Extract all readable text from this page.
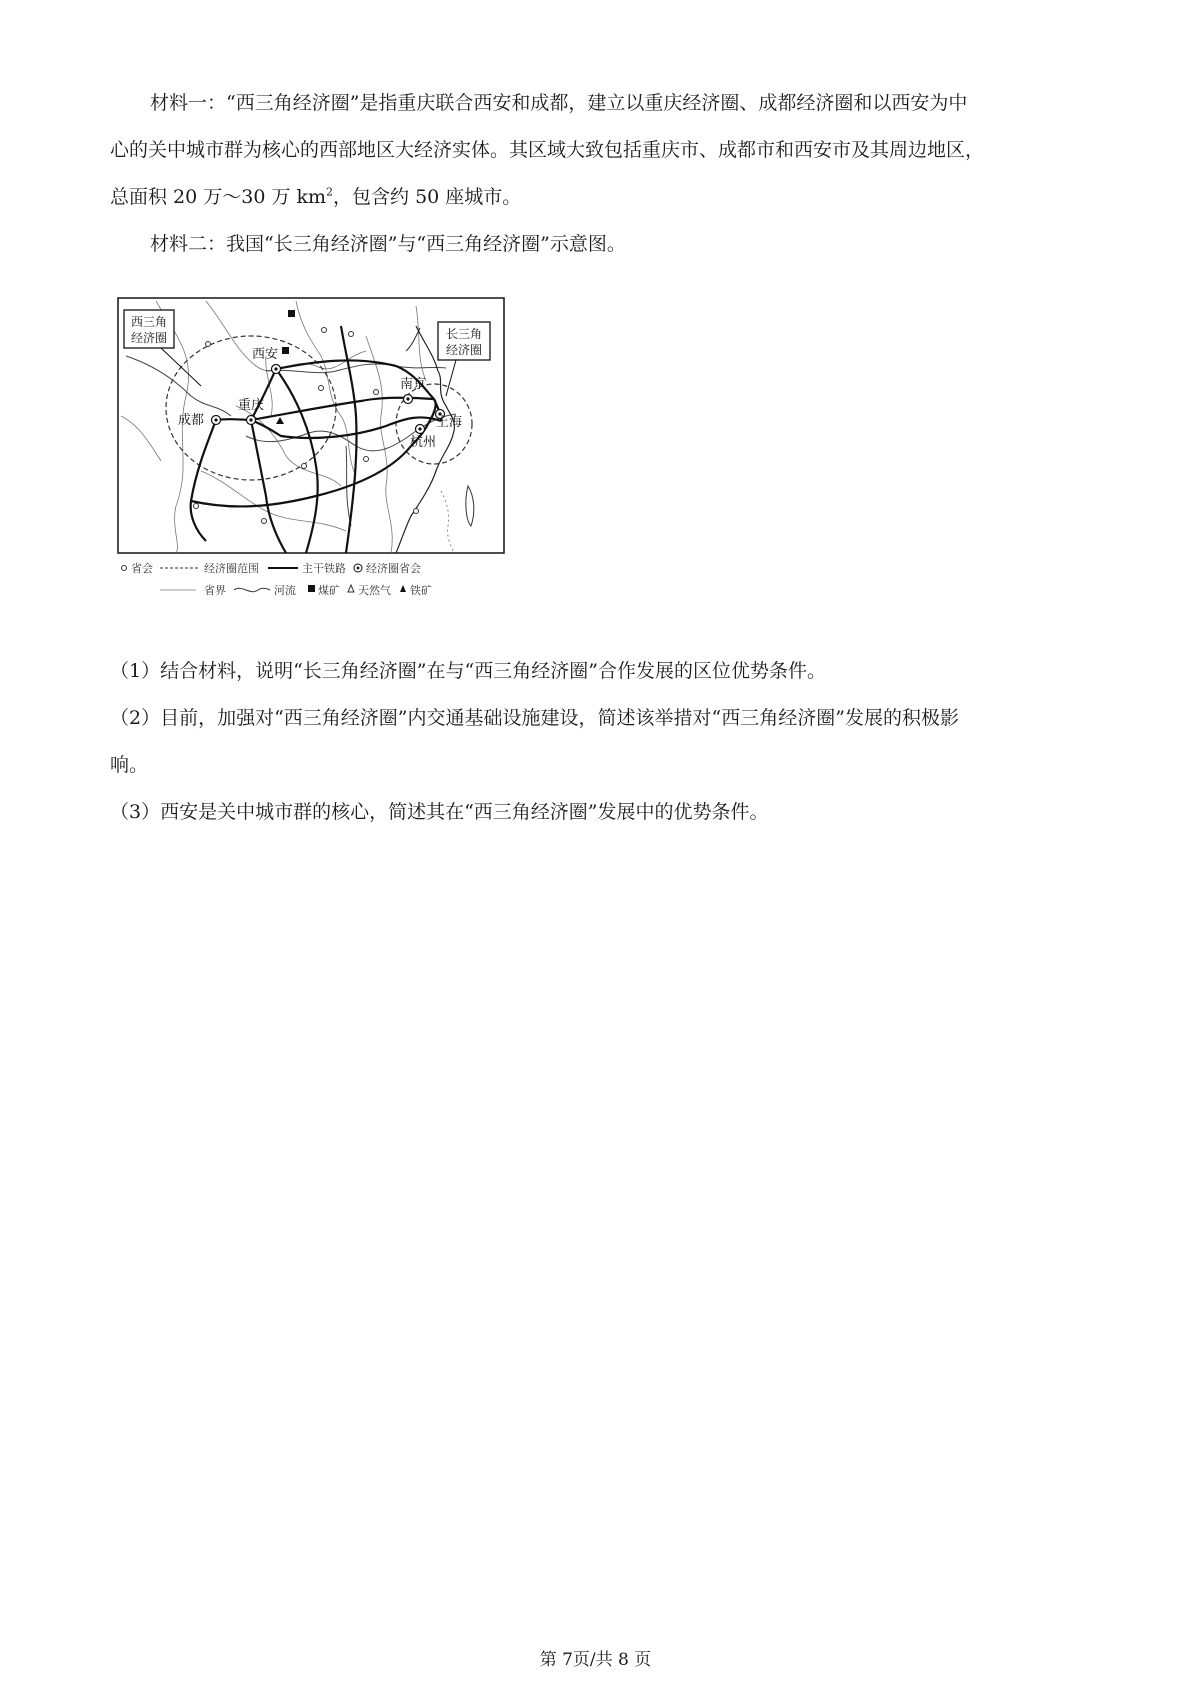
材料一：“西三角经济圈”是指重庆联合西安和成都，建立以重庆经济圈、成都经济圈和以西安为中

心的关中城市群为核心的西部地区大经济实体。其区域大致包括重庆市、成都市和西安市及其周边地区，

总面积 20 万～30 万 $km^2$，包含约 50 座城市。

材料二：我国“长三角经济圈”与“西三角经济圈”示意图。

西安
成都
重庆
南京
上海
杭州
西三角
经济圈	长三角
经济圈
省会	经济圈范围	主干铁路 经济圈省会
省界	河流 煤矿 天然气 铁矿

（1）结合材料，说明“长三角经济圈”在与“西三角经济圈”合作发展的区位优势条件。

（2）目前，加强对“西三角经济圈”内交通基础设施建设，简述该举措对“西三角经济圈”发展的积极影

响。

（3）西安是关中城市群的核心，简述其在“西三角经济圈”发展中的优势条件。

第 7页/共 8 页
